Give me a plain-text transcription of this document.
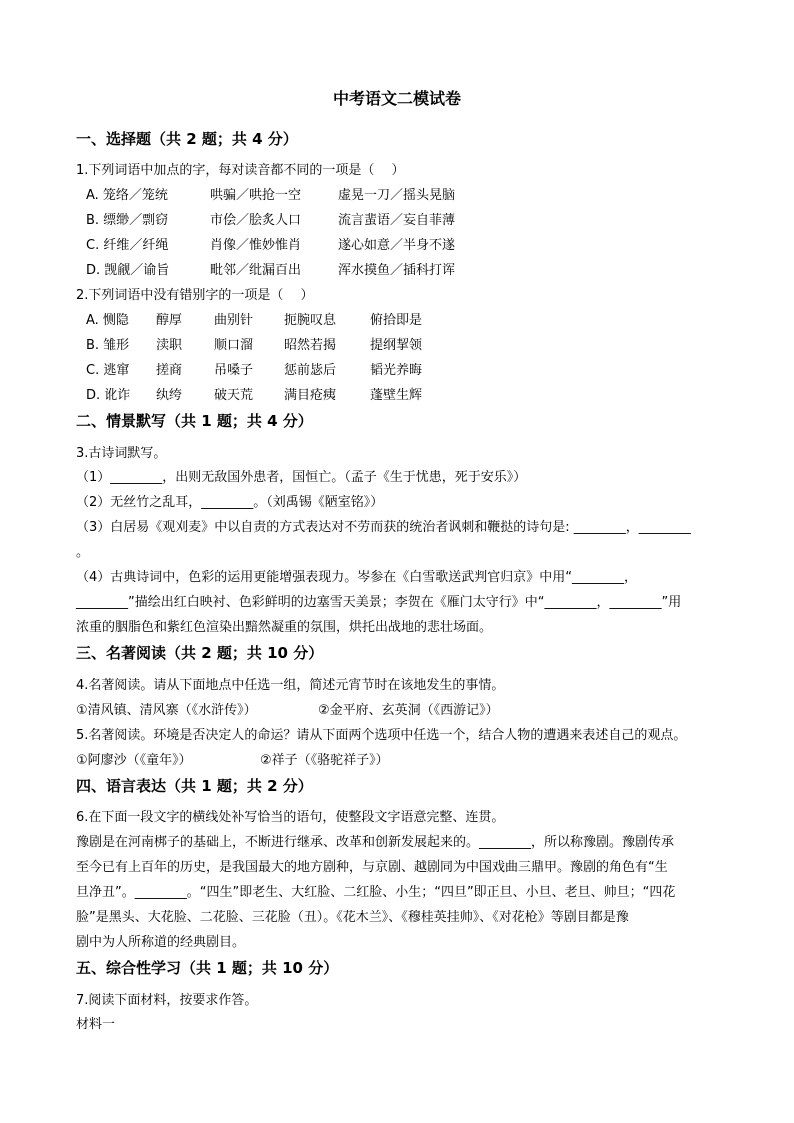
中考语文二模试卷
一、选择题（共 2 题；共 4 分）
1.下列词语中加点的字，每对读音都不同的一项是（　 ）
A. 笼络／笼统	哄骗／哄抢一空	虚晃一刀／摇头晃脑
B. 缥缈／剽窃	市侩／脍炙人口	流言蜚语／妄自菲薄
C. 纤维／纤绳	肖像／惟妙惟肖	遂心如意／半身不遂
D. 觊觎／谕旨	毗邻／纰漏百出	浑水摸鱼／插科打诨
2.下列词语中没有错别字的一项是（　 ）
A. 恻隐 醇厚 曲别针 扼腕叹息	俯拾即是
B. 雏形 渎职 顺口溜 昭然若揭	提纲挈领
C. 逃窜 搓商 吊嗓子 惩前毖后	韬光养晦
D. 讹诈 纨绔 破天荒 满目疮痍	蓬壁生辉
二、情景默写（共 1 题；共 4 分）
3.古诗词默写。
（1）________，出则无敌国外患者，国恒亡。（孟子《生于忧患，死于安乐》）
（2）无丝竹之乱耳，________。（刘禹锡《陋室铭》）
（3）白居易《观刈麦》中以自责的方式表达对不劳而获的统治者讽刺和鞭挞的诗句是: ________，________
。
（4）古典诗词中，色彩的运用更能增强表现力。岑参在《白雪歌送武判官归京》中用“________，
________”描绘出红白映衬、色彩鲜明的边塞雪天美景；李贺在《雁门太守行》中“________，________”用
浓重的胭脂色和紫红色渲染出黯然凝重的氛围，烘托出战地的悲壮场面。
三、名著阅读（共 2 题；共 10 分）
4.名著阅读。请从下面地点中任选一组，简述元宵节时在该地发生的事情。
①清风镇、清风寨（《水浒传》）	②金平府、玄英洞（《西游记》）
5.名著阅读。环境是否决定人的命运？请从下面两个选项中任选一个，结合人物的遭遇来表述自己的观点。
①阿廖沙（《童年》）	②祥子（《骆驼祥子》）
四、语言表达（共 1 题；共 2 分）
6.在下面一段文字的横线处补写恰当的语句，使整段文字语意完整、连贯。
豫剧是在河南梆子的基础上，不断进行继承、改革和创新发展起来的。________，所以称豫剧。豫剧传承
至今已有上百年的历史，是我国最大的地方剧种，与京剧、越剧同为中国戏曲三鼎甲。豫剧的角色有“生
旦净丑”。________。“四生”即老生、大红脸、二红脸、小生；“四旦”即正旦、小旦、老旦、帅旦；“四花
脸”是黑头、大花脸、二花脸、三花脸（丑）。《花木兰》、《穆桂英挂帅》、《对花枪》等剧目都是豫
剧中为人所称道的经典剧目。
五、综合性学习（共 1 题；共 10 分）
7.阅读下面材料，按要求作答。
材料一
